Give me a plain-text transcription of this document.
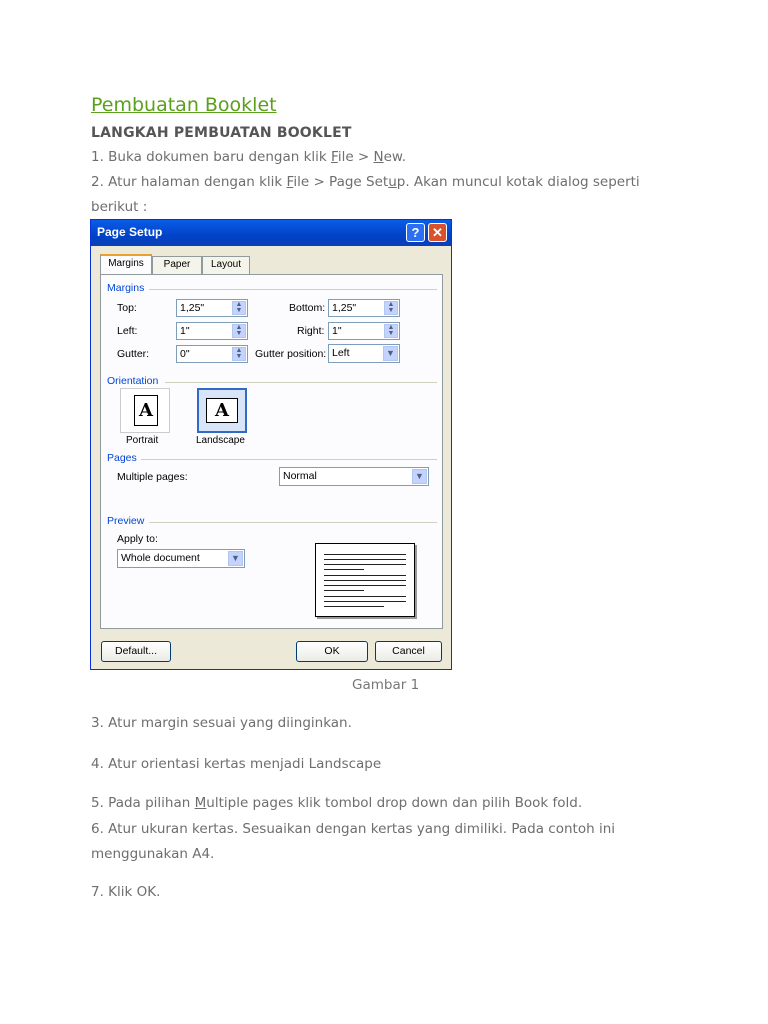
Pembuatan Booklet
LANGKAH PEMBUATAN BOOKLET
1. Buka dokumen baru dengan klik File > New.
2. Atur halaman dengan klik File > Page Setup. Akan muncul kotak dialog seperti berikut :
Page Setup	? ✕
Margins	Paper	Layout
Margins
Top:	1,25"	▲
▼	Bottom: 1,25"	▲
▼
Left:	1"	▲
▼	Right: 1"	▲
▼
Gutter:	0"	▲
▼	Gutter position: Left	▼
Orientation
A
Portrait
A
Landscape
Pages
Multiple pages:	Normal	▼
Preview
Apply to:
Whole document	▼
Default...	OK	Cancel
Gambar 1
3. Atur margin sesuai yang diinginkan.
4. Atur orientasi kertas menjadi Landscape
5. Pada pilihan Multiple pages klik tombol drop down dan pilih Book fold.
6. Atur ukuran kertas. Sesuaikan dengan kertas yang dimiliki. Pada contoh ini menggunakan A4.
7. Klik OK.
